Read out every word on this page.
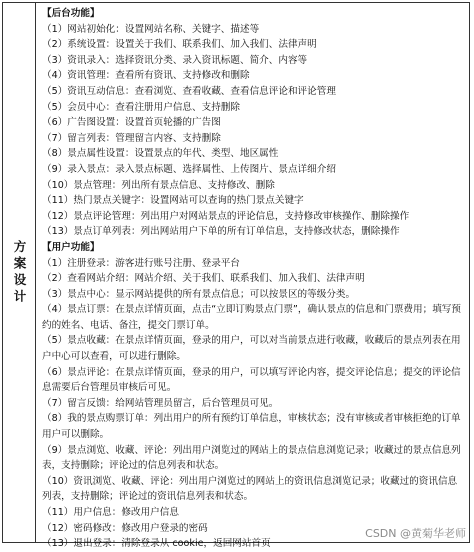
方案设计
【后台功能】
（1）网站初始化：设置网站名称、关键字、描述等
（2）系统设置：设置关于我们、联系我们、加入我们、法律声明
（3）资讯录入：选择资讯分类、录入资讯标题、简介、内容等
（4）资讯管理：查看所有资讯、支持修改和删除
（5）资讯互动信息：查看浏览、查看收藏、查看信息评论和评论管理
（5）会员中心：查看注册用户信息、支持删除
（6）广告图设置：设置首页轮播的广告图
（7）留言列表：管理留言内容、支持删除
（8）景点属性设置：设置景点的年代、类型、地区属性
（9）录入景点：录入景点标题、选择属性、上传图片、景点详细介绍
（10）景点管理：列出所有景点信息、支持修改、删除
（11）热门景点关键字：设置网站可以查询的热门景点关键字
（12）景点评论管理：列出用户对网站景点的评论信息，支持修改审核操作、删除操作
（13）景点订单列表：列出网站用户下单的所有订单信息，支持修改状态，删除操作
【用户功能】
（1）注册登录：游客进行账号注册、登录平台
（2）查看网站介绍：网站介绍、关于我们、联系我们、加入我们、法律声明
（3）景点中心：显示网站提供的所有景点信息；可以按景区的等级分类。
（4）景点订票：在景点详情页面，点击“立即订购景点门票”，确认景点的信息和门票费用；填写预约的姓名、电话、备注，提交门票订单。
（5）景点收藏：在景点详情页面，登录的用户，可以对当前景点进行收藏，收藏后的景点列表在用户中心可以查看，可以进行删除。
（6）景点评论：在景点详情页面，登录的用户，可以填写评论内容，提交评论信息；提交的评论信息需要后台管理员审核后可见。
（7）留言反馈：给网站管理员留言，后台管理员可见。
（8）我的景点购票订单：列出用户的所有预约订单信息，审核状态；没有审核或者审核拒绝的订单用户可以删除。
（9）景点浏览、收藏、评论：列出用户浏览过的网站上的景点信息浏览记录；收藏过的景点信息列表，支持删除；评论过的信息列表和状态。
（10）资讯浏览、收藏、评论：列出用户浏览过的网站上的资讯信息浏览记录；收藏过的资讯信息列表，支持删除；评论过的资讯信息列表和状态。
（11）用户信息：修改用户信息
（12）密码修改：修改用户登录的密码
（13）退出登录：清除登录从 cookie，返回网站首页
CSDN @黄菊华老师
